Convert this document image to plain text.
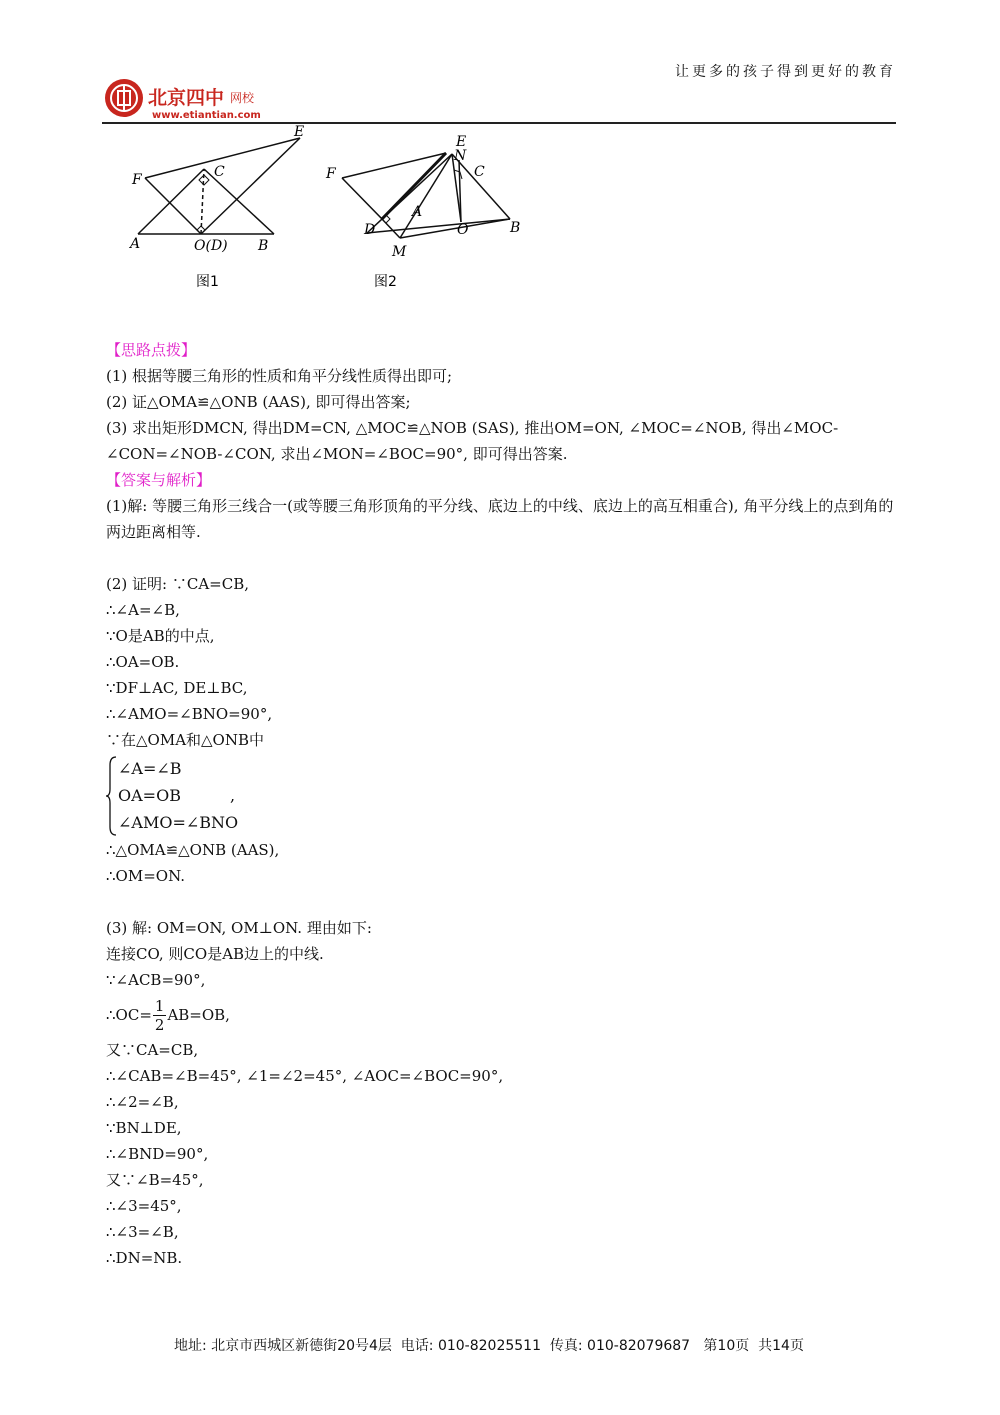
北京四中 网校
www.etiantian.com
让更多的孩子得到更好的教育
E
F	C
A	O(D) B
图1
E
N
C
F
A
D	O	B
M
图2
【思路点拨】
(1) 根据等腰三角形的性质和角平分线性质得出即可;
(2) 证△OMA≌△ONB (AAS), 即可得出答案;
(3) 求出矩形DMCN, 得出DM=CN, △MOC≌△NOB (SAS), 推出OM=ON, ∠MOC=∠NOB, 得出∠MOC-∠CON=∠NOB-∠CON, 求出∠MON=∠BOC=90°, 即可得出答案.
【答案与解析】
(1)解: 等腰三角形三线合一(或等腰三角形顶角的平分线、底边上的中线、底边上的高互相重合), 角平分线上的点到角的两边距离相等.
(2) 证明: ∵CA=CB,
∴∠A=∠B,
∵O是AB的中点,
∴OA=OB.
∵DF⊥AC, DE⊥BC,
∴∠AMO=∠BNO=90°,
∵在△OMA和△ONB中
∠A=∠B
OA=OB
∠AMO=∠BNO
,
∴△OMA≌△ONB (AAS),
∴OM=ON.
(3) 解: OM=ON, OM⊥ON. 理由如下:
连接CO, 则CO是AB边上的中线.
∵∠ACB=90°,
∴OC= $\frac{1}{2} AB=OB$,
又∵CA=CB,
∴∠CAB=∠B=45°, ∠1=∠2=45°, ∠AOC=∠BOC=90°,
∴∠2=∠B,
∵BN⊥DE,
∴∠BND=90°,
又∵∠B=45°,
∴∠3=45°,
∴∠3=∠B,
∴DN=NB.
地址: 北京市西城区新德街20号4层  电话: 010-82025511  传真: 010-82079687   第10页  共14页
